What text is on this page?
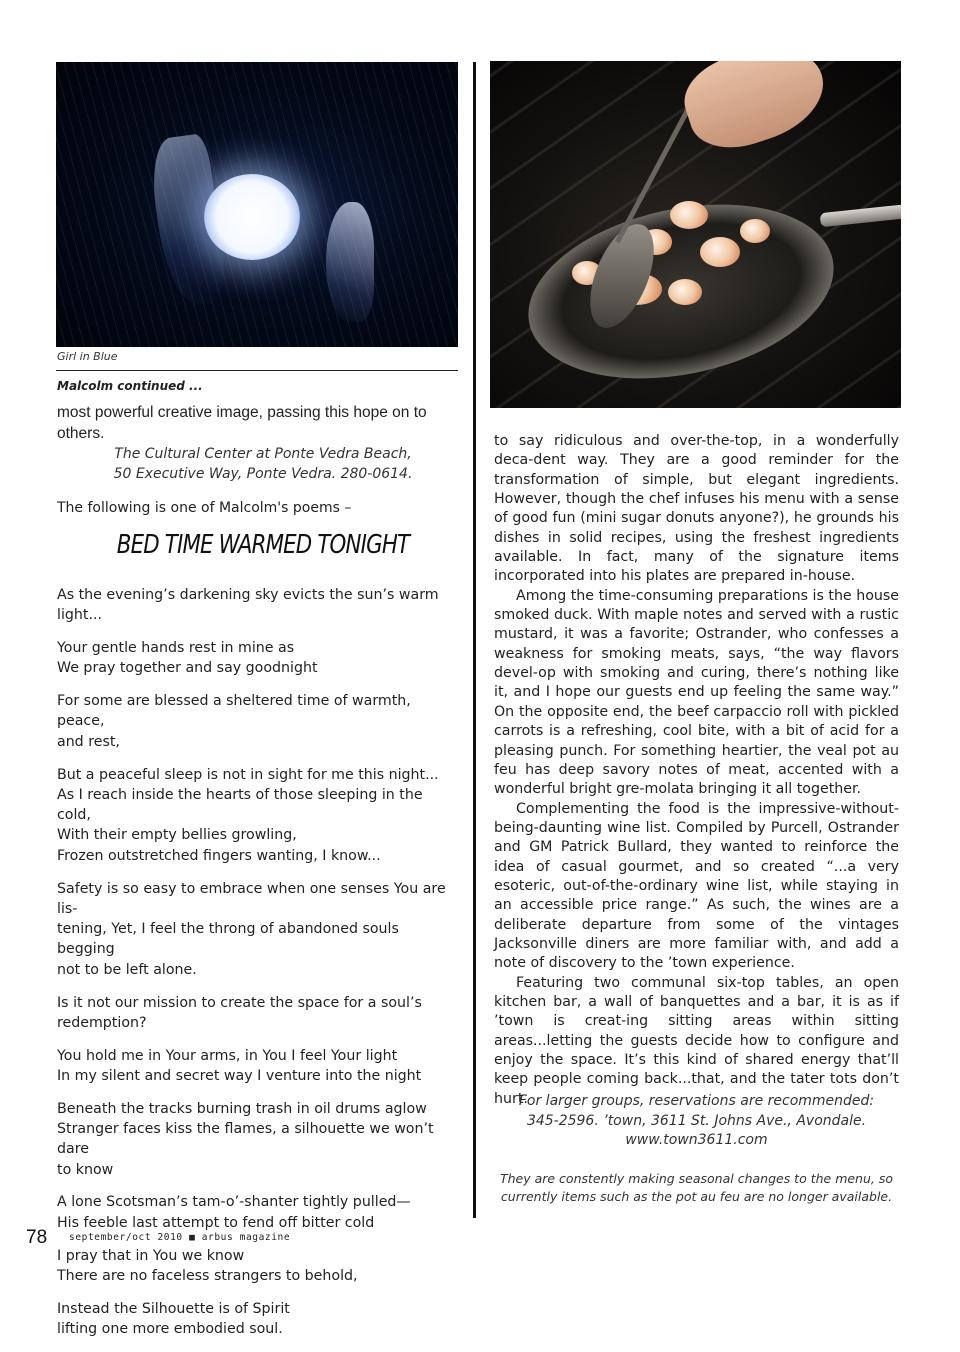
Girl in Blue
Malcolm continued ...
most powerful creative image, passing this hope on to others.
The Cultural Center at Ponte Vedra Beach,
50 Executive Way, Ponte Vedra. 280-0614.
The following is one of Malcolm's poems –
BED TIME WARMED TONIGHT
As the evening’s darkening sky evicts the sun’s warm light...
Your gentle hands rest in mine as
We pray together and say goodnight
For some are blessed a sheltered time of warmth, peace,
and rest,
But a peaceful sleep is not in sight for me this night...
As I reach inside the hearts of those sleeping in the cold,
With their empty bellies growling,
Frozen outstretched fingers wanting, I know...
Safety is so easy to embrace when one senses You are lis-
tening, Yet, I feel the throng of abandoned souls begging
not to be left alone.
Is it not our mission to create the space for a soul’s
redemption?
You hold me in Your arms, in You I feel Your light
In my silent and secret way I venture into the night
Beneath the tracks burning trash in oil drums aglow
Stranger faces kiss the flames, a silhouette we won’t dare
to know
A lone Scotsman’s tam-o’-shanter tightly pulled—
His feeble last attempt to fend off bitter cold
I pray that in You we know
There are no faceless strangers to behold,
Instead the Silhouette is of Spirit
lifting one more embodied soul.

to say ridiculous and over-the-top, in a wonderfully deca-dent way. They are a good reminder for the transformation of simple, but elegant ingredients. However, though the chef infuses his menu with a sense of good fun (mini sugar donuts anyone?), he grounds his dishes in solid recipes, using the freshest ingredients available. In fact, many of the signature items incorporated into his plates are prepared in-house.

Among the time-consuming preparations is the house smoked duck. With maple notes and served with a rustic mustard, it was a favorite; Ostrander, who confesses a weakness for smoking meats, says, “the way flavors devel-op with smoking and curing, there’s nothing like it, and I hope our guests end up feeling the same way.” On the opposite end, the beef carpaccio roll with pickled carrots is a refreshing, cool bite, with a bit of acid for a pleasing punch. For something heartier, the veal pot au feu has deep savory notes of meat, accented with a wonderful bright gre-molata bringing it all together.

Complementing the food is the impressive-without-being-daunting wine list. Compiled by Purcell, Ostrander and GM Patrick Bullard, they wanted to reinforce the idea of casual gourmet, and so created “...a very esoteric, out-of-the-ordinary wine list, while staying in an accessible price range.” As such, the wines are a deliberate departure from some of the vintages Jacksonville diners are more familiar with, and add a note of discovery to the ’town experience.

Featuring two communal six-top tables, an open kitchen bar, a wall of banquettes and a bar, it is as if ’town is creat-ing sitting areas within sitting areas...letting the guests decide how to configure and enjoy the space. It’s this kind of shared energy that’ll keep people coming back...that, and the tater tots don’t hurt.

For larger groups, reservations are recommended:
345-2596. ’town, 3611 St. Johns Ave., Avondale.
www.town3611.com
They are constently making seasonal changes to the menu, so currently items such as the pot au feu are no longer available.
78 september/oct 2010 ■ arbus magazine
